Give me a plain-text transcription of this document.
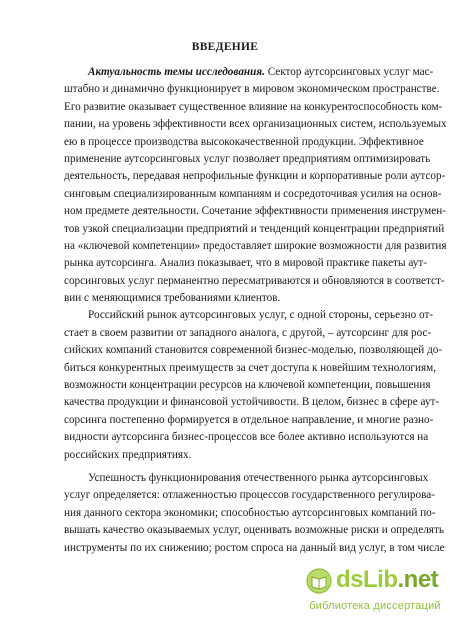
ВВЕДЕНИЕ
Актуальность темы исследования. Сектор аутсорсинговых услуг мас-
штабно и динамично функционирует в мировом экономическом пространстве.
Его развитие оказывает существенное влияние на конкурентоспособность ком-
пании, на уровень эффективности всех организационных систем, используемых
ею в процессе производства высококачественной продукции. Эффективное
применение аутсорсинговых услуг позволяет предприятиям оптимизировать
деятельность, передавая непрофильные функции и корпоративные роли аутсор-
синговым специализированным компаниям и сосредоточивая усилия на основ-
ном предмете деятельности. Сочетание эффективности применения инструмен-
тов узкой специализации предприятий и тенденций концентрации предприятий
на «ключевой компетенции» предоставляет широкие возможности для развития
рынка аутсорсинга. Анализ показывает, что в мировой практике пакеты аут-
сорсинговых услуг перманентно пересматриваются и обновляются в соответст-
вии с меняющимися требованиями клиентов.
Российский рынок аутсорсинговых услуг, с одной стороны, серьезно от-
стает в своем развитии от западного аналога, с другой, – аутсорсинг для рос-
сийских компаний становится современной бизнес-моделью, позволяющей до-
биться конкурентных преимуществ за счет доступа к новейшим технологиям,
возможности концентрации ресурсов на ключевой компетенции, повышения
качества продукции и финансовой устойчивости. В целом, бизнес в сфере аут-
сорсинга постепенно формируется в отдельное направление, и многие разно-
видности аутсорсинга бизнес-процессов все более активно используются на
российских предприятиях.
Успешность функционирования отечественного рынка аутсорсинговых
услуг определяется: отлаженностью процессов государственного регулирова-
ния данного сектора экономики; способностью аутсорсинговых компаний по-
вышать качество оказываемых услуг, оценивать возможные риски и определять
инструменты по их снижению; ростом спроса на данный вид услуг, в том числе
dsLib.net
библиотека диссертаций
